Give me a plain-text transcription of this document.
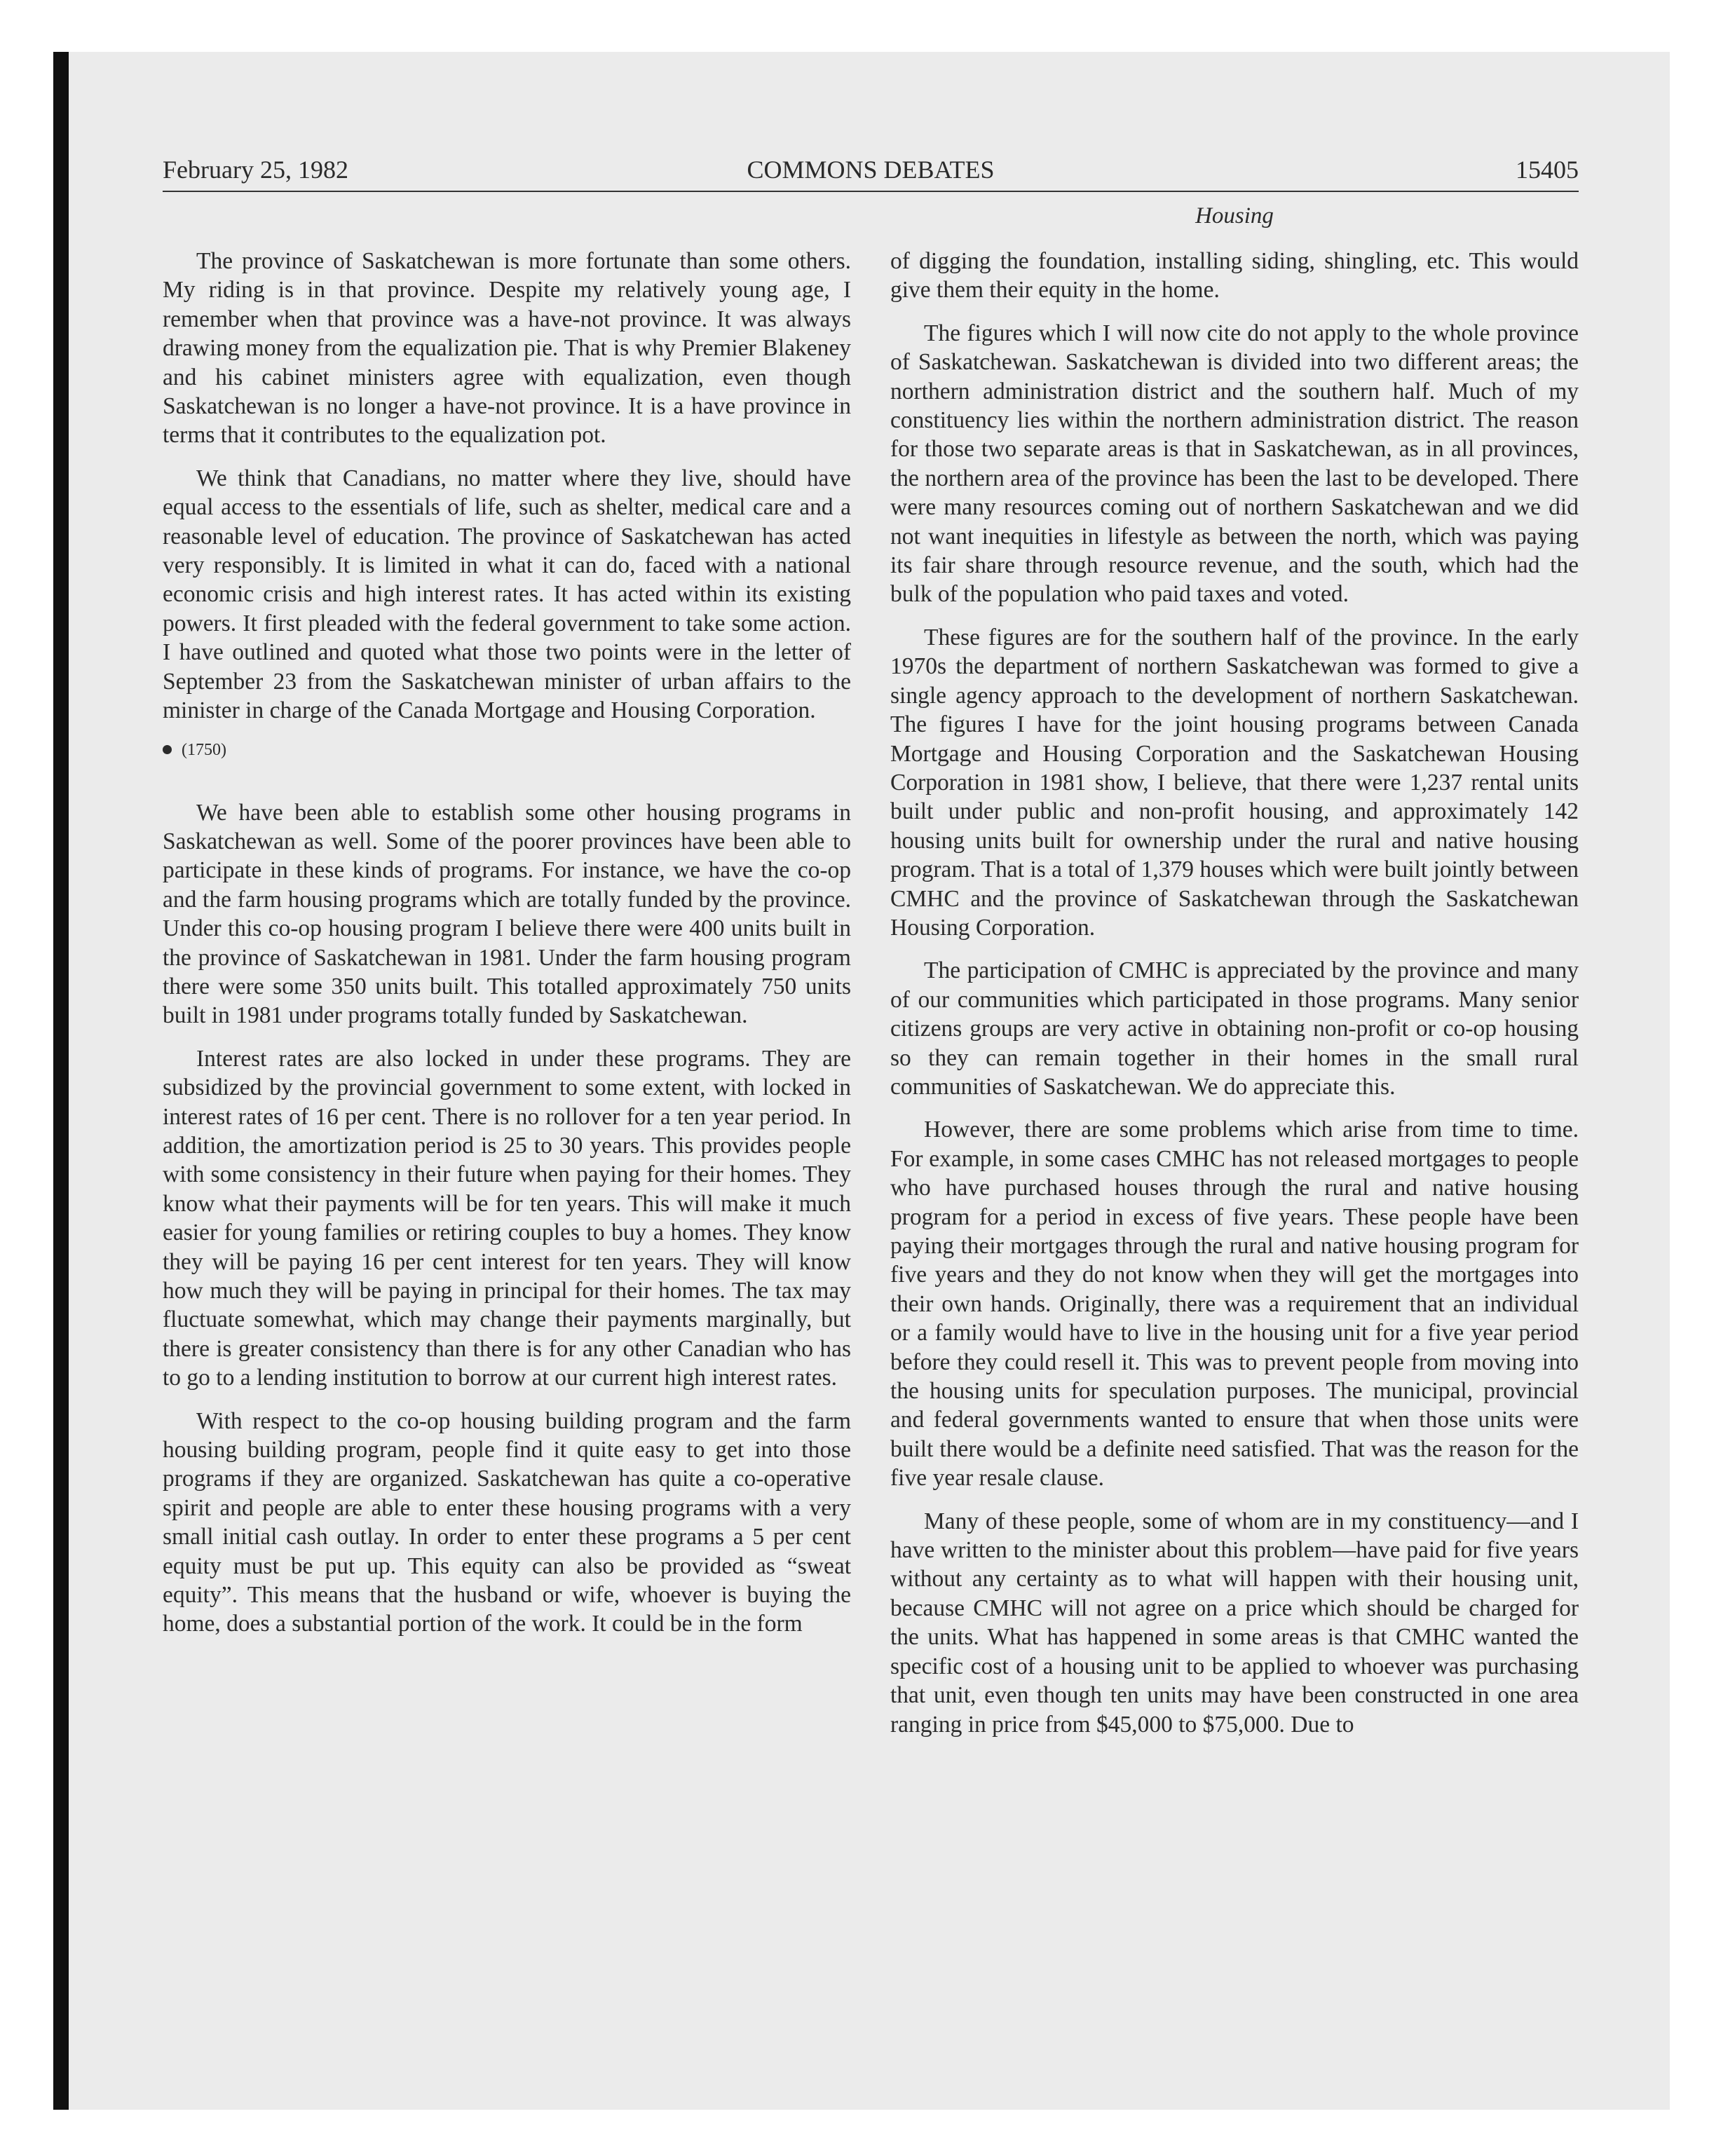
February 25, 1982	COMMONS DEBATES	15405
Housing

The province of Saskatchewan is more fortunate than some others. My riding is in that province. Despite my relatively young age, I remember when that province was a have-not province. It was always drawing money from the equalization pie. That is why Premier Blakeney and his cabinet ministers agree with equalization, even though Saskatchewan is no longer a have-not province. It is a have province in terms that it contributes to the equalization pot.

We think that Canadians, no matter where they live, should have equal access to the essentials of life, such as shelter, medical care and a reasonable level of education. The province of Saskatchewan has acted very responsibly. It is limited in what it can do, faced with a national economic crisis and high interest rates. It has acted within its existing powers. It first pleaded with the federal government to take some action. I have outlined and quoted what those two points were in the letter of September 23 from the Saskatchewan minister of urban affairs to the minister in charge of the Canada Mortgage and Housing Corporation.

(1750)

We have been able to establish some other housing programs in Saskatchewan as well. Some of the poorer provinces have been able to participate in these kinds of programs. For instance, we have the co-op and the farm housing programs which are totally funded by the province. Under this co-op housing program I believe there were 400 units built in the province of Saskatchewan in 1981. Under the farm housing program there were some 350 units built. This totalled approximately 750 units built in 1981 under programs totally funded by Saskatchewan.

Interest rates are also locked in under these programs. They are subsidized by the provincial government to some extent, with locked in interest rates of 16 per cent. There is no rollover for a ten year period. In addition, the amortization period is 25 to 30 years. This provides people with some consistency in their future when paying for their homes. They know what their payments will be for ten years. This will make it much easier for young families or retiring couples to buy a homes. They know they will be paying 16 per cent interest for ten years. They will know how much they will be paying in principal for their homes. The tax may fluctuate somewhat, which may change their payments marginally, but there is greater consistency than there is for any other Canadian who has to go to a lending institution to borrow at our current high interest rates.

With respect to the co-op housing building program and the farm housing building program, people find it quite easy to get into those programs if they are organized. Saskatchewan has quite a co-operative spirit and people are able to enter these housing programs with a very small initial cash outlay. In order to enter these programs a 5 per cent equity must be put up. This equity can also be provided as “sweat equity”. This means that the husband or wife, whoever is buying the home, does a substantial portion of the work. It could be in the form

of digging the foundation, installing siding, shingling, etc. This would give them their equity in the home.

The figures which I will now cite do not apply to the whole province of Saskatchewan. Saskatchewan is divided into two different areas; the northern administration district and the southern half. Much of my constituency lies within the northern administration district. The reason for those two separate areas is that in Saskatchewan, as in all provinces, the northern area of the province has been the last to be developed. There were many resources coming out of northern Saskatchewan and we did not want inequities in lifestyle as between the north, which was paying its fair share through resource revenue, and the south, which had the bulk of the population who paid taxes and voted.

These figures are for the southern half of the province. In the early 1970s the department of northern Saskatchewan was formed to give a single agency approach to the development of northern Saskatchewan. The figures I have for the joint housing programs between Canada Mortgage and Housing Corporation and the Saskatchewan Housing Corporation in 1981 show, I believe, that there were 1,237 rental units built under public and non-profit housing, and approximately 142 housing units built for ownership under the rural and native housing program. That is a total of 1,379 houses which were built jointly between CMHC and the province of Saskatchewan through the Saskatchewan Housing Corporation.

The participation of CMHC is appreciated by the province and many of our communities which participated in those programs. Many senior citizens groups are very active in obtaining non-profit or co-op housing so they can remain together in their homes in the small rural communities of Saskatchewan. We do appreciate this.

However, there are some problems which arise from time to time. For example, in some cases CMHC has not released mortgages to people who have purchased houses through the rural and native housing program for a period in excess of five years. These people have been paying their mortgages through the rural and native housing program for five years and they do not know when they will get the mortgages into their own hands. Originally, there was a requirement that an individual or a family would have to live in the housing unit for a five year period before they could resell it. This was to prevent people from moving into the housing units for speculation purposes. The municipal, provincial and federal governments wanted to ensure that when those units were built there would be a definite need satisfied. That was the reason for the five year resale clause.

Many of these people, some of whom are in my constituency—and I have written to the minister about this problem—have paid for five years without any certainty as to what will happen with their housing unit, because CMHC will not agree on a price which should be charged for the units. What has happened in some areas is that CMHC wanted the specific cost of a housing unit to be applied to whoever was purchasing that unit, even though ten units may have been constructed in one area ranging in price from $45,000 to $75,000. Due to
